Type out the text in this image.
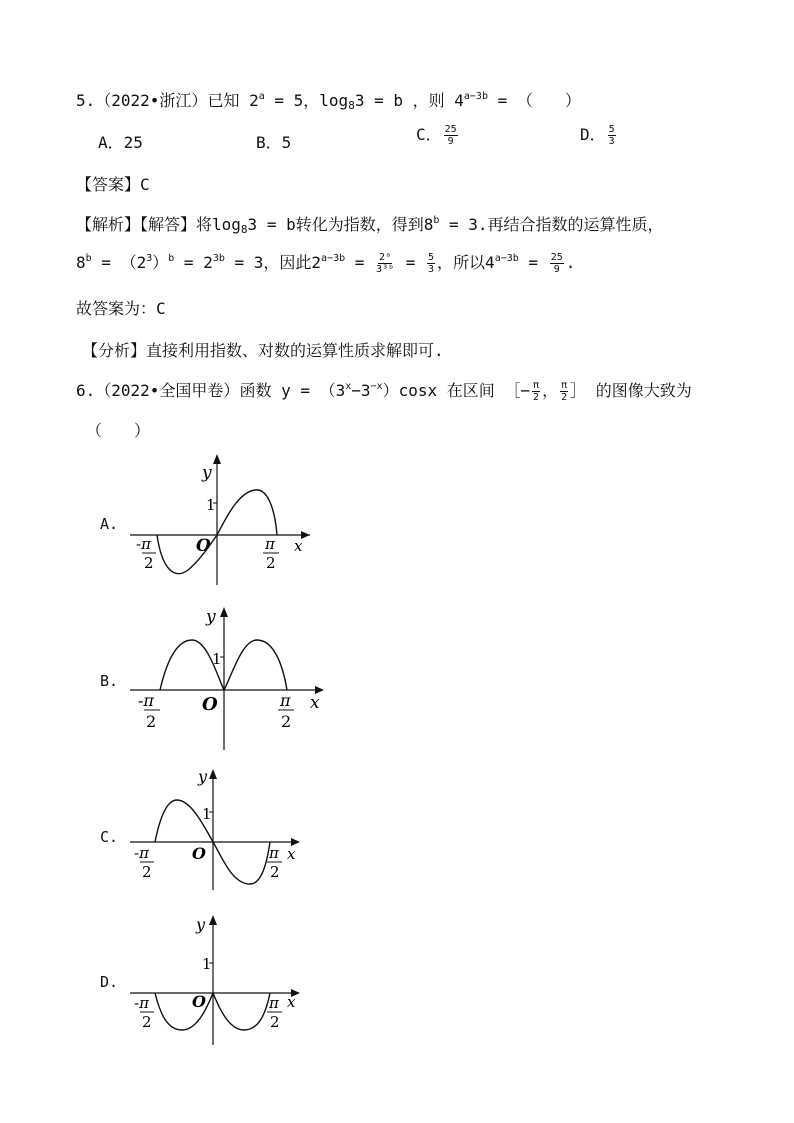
5.（2022•浙江）已知 $2^a = 5$，log83 = b ，则 $4^{a-3b}$ = （　　）
A．25	B．5	C． $\frac{25}{9}$	D． $\frac{5}{3}$
【答案】C
【解析】【解答】将log83 = b转化为指数，得到$8^b = 3$.再结合指数的运算性质，
$8^b = (2^3)^b = 2^{3b} = 3$，因此$2^{a-3b} = \frac{\text{2ᵃ}}{\text{3³ᵇ}} = \frac{5}{3}$ ，所以$4^{a-3b} = \frac{25}{9}$ .
故答案为：C
【分析】直接利用指数、对数的运算性质求解即可.
6.（2022•全国甲卷）函数 $y = (3^x-3^{-x})\cos x$ 在区间 ［− $\frac{\pi}{2}$ ， $\frac{\pi}{2}$ ］ 的图像大致为
（　　）
A.
y
1
O	x
-π
2
π
2
B.
y
1
O	x
-π
2
π
2
C.
y
1
O	x
-π
2
π
2
D.
y
1
O	x
-π
2
π
2
